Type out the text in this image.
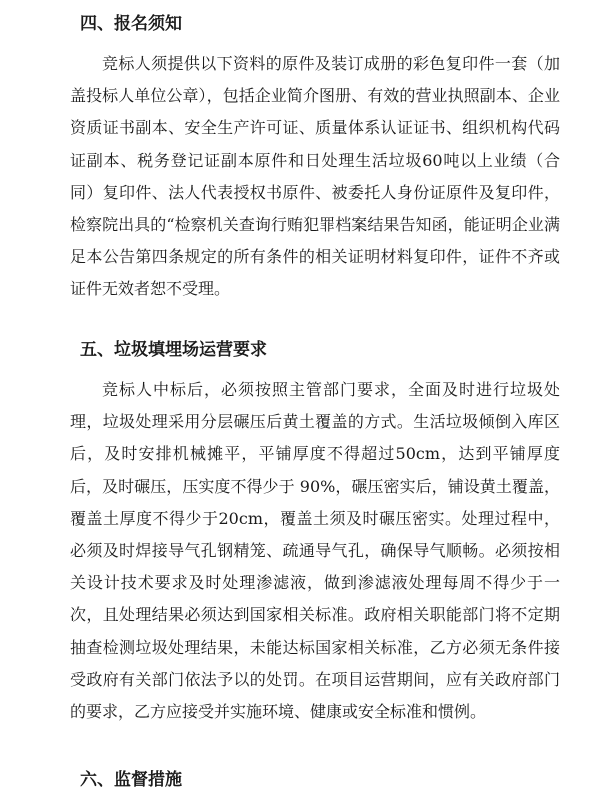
四、报名须知

竞标人须提供以下资料的原件及装订成册的彩色复印件一套（加盖投标人单位公章），包括企业简介图册、有效的营业执照副本、企业资质证书副本、安全生产许可证、质量体系认证证书、组织机构代码证副本、税务登记证副本原件和日处理生活垃圾60吨以上业绩（合同）复印件、法人代表授权书原件、被委托人身份证原件及复印件，检察院出具的“检察机关查询行贿犯罪档案结果告知函，能证明企业满足本公告第四条规定的所有条件的相关证明材料复印件，证件不齐或证件无效者恕不受理。

五、垃圾填埋场运营要求

竞标人中标后，必须按照主管部门要求，全面及时进行垃圾处理，垃圾处理采用分层碾压后黄土覆盖的方式。生活垃圾倾倒入库区后，及时安排机械摊平，平铺厚度不得超过50cm，达到平铺厚度后，及时碾压，压实度不得少于 90%，碾压密实后，铺设黄土覆盖，覆盖土厚度不得少于20cm，覆盖土须及时碾压密实。处理过程中，必须及时焊接导气孔钢精笼、疏通导气孔，确保导气顺畅。必须按相关设计技术要求及时处理渗滤液，做到渗滤液处理每周不得少于一次，且处理结果必须达到国家相关标准。政府相关职能部门将不定期抽查检测垃圾处理结果，未能达标国家相关标准，乙方必须无条件接受政府有关部门依法予以的处罚。在项目运营期间，应有关政府部门的要求，乙方应接受并实施环境、健康或安全标准和惯例。

六、监督措施
